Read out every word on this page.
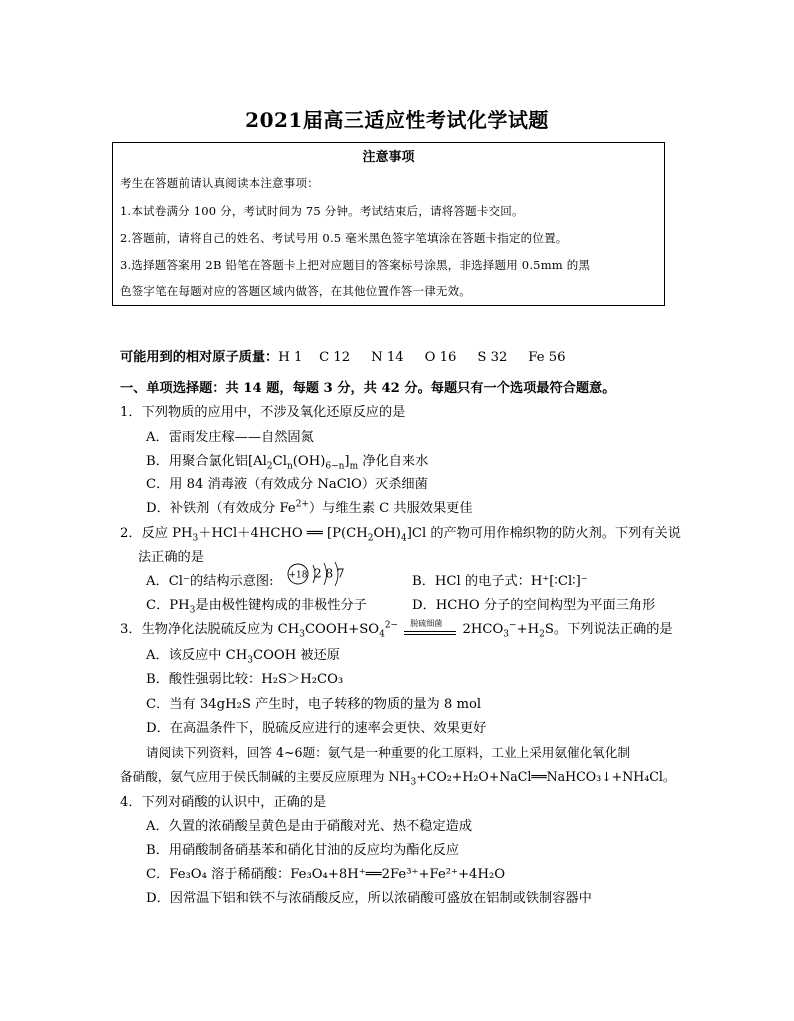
2021届高三适应性考试化学试题
注意事项
考生在答题前请认真阅读本注意事项：
1.本试卷满分 100 分，考试时间为 75 分钟。考试结束后，请将答题卡交回。
2.答题前，请将自己的姓名、考试号用 0.5 毫米黑色签字笔填涂在答题卡指定的位置。
3.选择题答案用 2B 铅笔在答题卡上把对应题目的答案标号涂黑，非选择题用 0.5mm 的黑
色签字笔在每题对应的答题区域内做答，在其他位置作答一律无效。
可能用到的相对原子质量：H 1    C 12     N 14     O 16     S 32     Fe 56
一、单项选择题：共 14 题，每题 3 分，共 42 分。每题只有一个选项最符合题意。
1．下列物质的应用中，不涉及氧化还原反应的是
A．雷雨发庄稼——自然固氮
B．用聚合氯化铝$[Al_2Cl_n(OH)_{6-n}]_m$ 净化自来水
C．用 84 消毒液（有效成分 NaClO）灭杀细菌
D．补铁剂（有效成分 $Fe^{2+}$）与维生素 C 共服效果更佳
2．反应 $PH_3+HCl+4HCHO$ ══ $[P(CH_2OH)_4]Cl$ 的产物可用作棉织物的防火剂。下列有关说
法正确的是
A．Cl⁻的结构示意图: +18 2 8 7
B．HCl 的电子式：H⁺[∶Cl∶]⁻
C．$PH_3$是由极性键构成的非极性分子	D．HCHO 分子的空间构型为平面三角形
3．生物净化法脱硫反应为 $CH_3COOH+SO_4^{2-}$ 脱硫细菌 $2HCO_3^-+H_2S$。下列说法正确的是
A．该反应中 $CH_3COOH$ 被还原
B．酸性强弱比较：H₂S＞H₂CO₃
C．当有 34gH₂S 产生时，电子转移的物质的量为 8 mol
D．在高温条件下，脱硫反应进行的速率会更快、效果更好
请阅读下列资料，回答 4~6题：氨气是一种重要的化工原料，工业上采用氨催化氧化制
备硝酸，氨气应用于侯氏制碱的主要反应原理为 $NH_3+CO_2+H_2O+NaCl══NaHCO_3↓+NH_4Cl$。
4．下列对硝酸的认识中，正确的是
A．久置的浓硝酸呈黄色是由于硝酸对光、热不稳定造成
B．用硝酸制备硝基苯和硝化甘油的反应均为酯化反应
C．Fe₃O₄ 溶于稀硝酸：Fe₃O₄+8H⁺══2Fe³⁺+Fe²⁺+4H₂O
D．因常温下铝和铁不与浓硝酸反应，所以浓硝酸可盛放在铝制或铁制容器中
